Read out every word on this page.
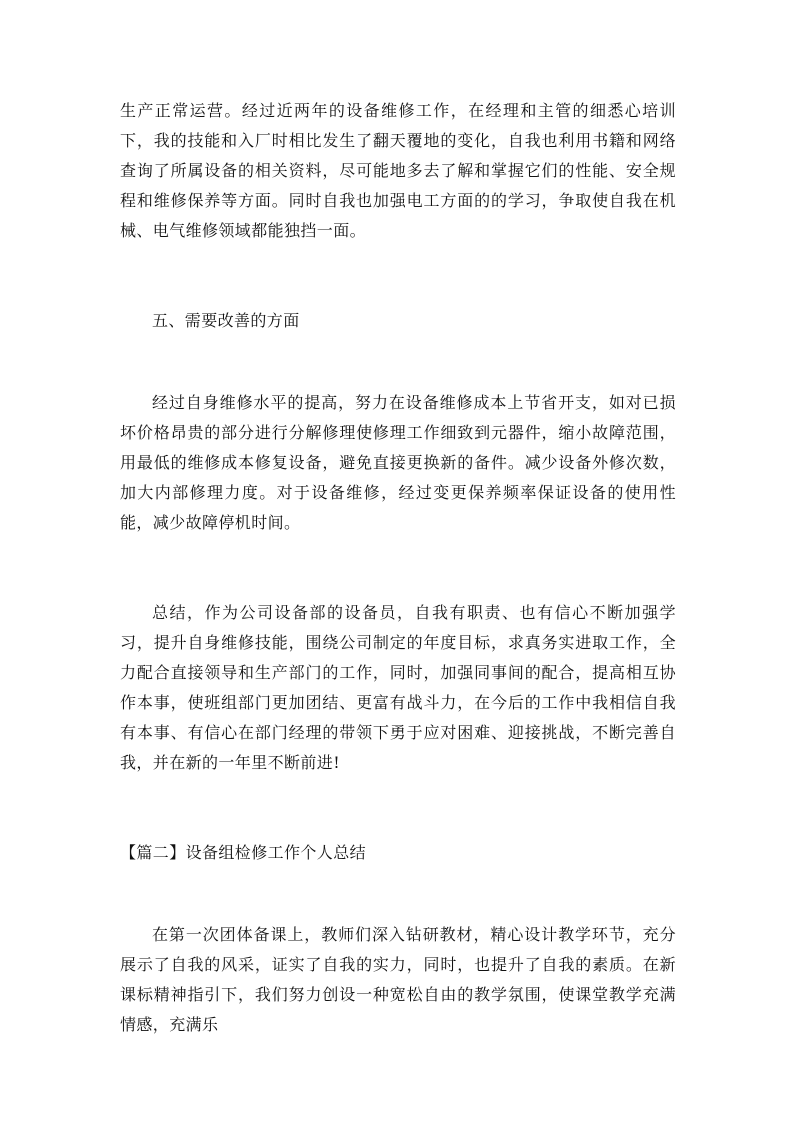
生产正常运营。经过近两年的设备维修工作，在经理和主管的细悉心培训下，我的技能和入厂时相比发生了翻天覆地的变化，自我也利用书籍和网络查询了所属设备的相关资料，尽可能地多去了解和掌握它们的性能、安全规程和维修保养等方面。同时自我也加强电工方面的的学习，争取使自我在机械、电气维修领域都能独挡一面。

五、需要改善的方面

经过自身维修水平的提高，努力在设备维修成本上节省开支，如对已损坏价格昂贵的部分进行分解修理使修理工作细致到元器件，缩小故障范围，用最低的维修成本修复设备，避免直接更换新的备件。减少设备外修次数，加大内部修理力度。对于设备维修，经过变更保养频率保证设备的使用性能，减少故障停机时间。

总结，作为公司设备部的设备员，自我有职责、也有信心不断加强学习，提升自身维修技能，围绕公司制定的年度目标，求真务实进取工作，全力配合直接领导和生产部门的工作，同时，加强同事间的配合，提高相互协作本事，使班组部门更加团结、更富有战斗力，在今后的工作中我相信自我有本事、有信心在部门经理的带领下勇于应对困难、迎接挑战，不断完善自我，并在新的一年里不断前进!

【篇二】设备组检修工作个人总结

在第一次团体备课上，教师们深入钻研教材，精心设计教学环节，充分展示了自我的风采，证实了自我的实力，同时，也提升了自我的素质。在新课标精神指引下，我们努力创设一种宽松自由的教学氛围，使课堂教学充满情感，充满乐
